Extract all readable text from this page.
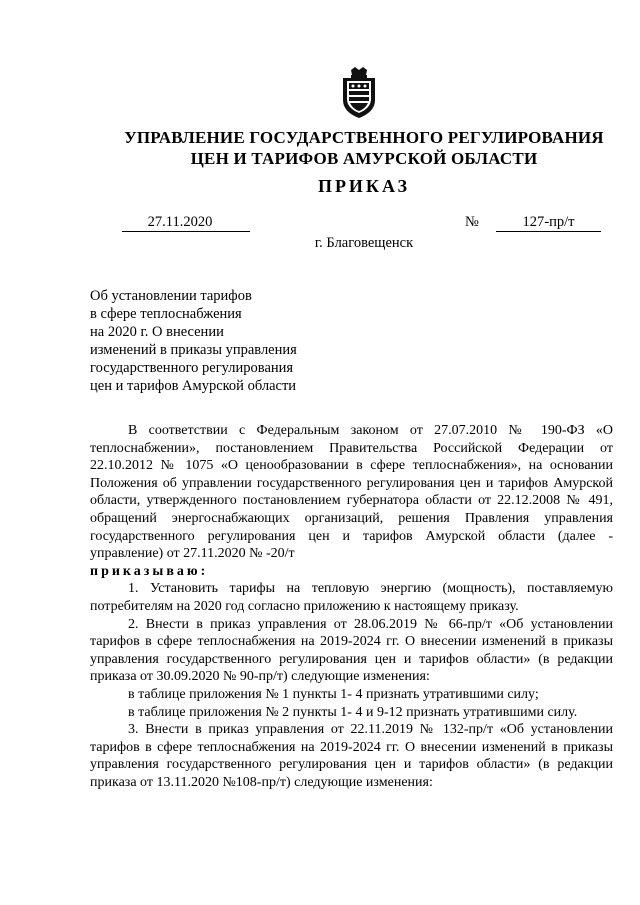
УПРАВЛЕНИЕ ГОСУДАРСТВЕННОГО РЕГУЛИРОВАНИЯ
ЦЕН И ТАРИФОВ АМУРСКОЙ ОБЛАСТИ
ПРИКАЗ
27.11.2020	№	127-пр/т
г. Благовещенск
Об установлении тарифов
в сфере теплоснабжения
на 2020 г. О внесении
изменений в приказы управления
государственного регулирования
цен и тарифов Амурской области

В соответствии с Федеральным законом от 27.07.2010 № 190-ФЗ «О теплоснабжении», постановлением Правительства Российской Федерации от 22.10.2012 № 1075 «О ценообразовании в сфере теплоснабжения», на основании Положения об управлении государственного регулирования цен и тарифов Амурской области, утвержденного постановлением губернатора области от 22.12.2008 № 491, обращений энергоснабжающих организаций, решения Правления управления государственного регулирования цен и тарифов Амурской области (далее - управление) от 27.11.2020 № -20/т

приказываю:

1. Установить тарифы на тепловую энергию (мощность), поставляемую потребителям на 2020 год согласно приложению к настоящему приказу.

2. Внести в приказ управления от 28.06.2019 № 66-пр/т «Об установлении тарифов в сфере теплоснабжения на 2019-2024 гг. О внесении изменений в приказы управления государственного регулирования цен и тарифов области» (в редакции приказа от 30.09.2020 № 90-пр/т) следующие изменения:

в таблице приложения № 1 пункты 1- 4 признать утратившими силу;

в таблице приложения № 2 пункты 1- 4 и 9-12 признать утратившими силу.

3. Внести в приказ управления от 22.11.2019 № 132-пр/т «Об установлении тарифов в сфере теплоснабжения на 2019-2024 гг. О внесении изменений в приказы управления государственного регулирования цен и тарифов области» (в редакции приказа от 13.11.2020 №108-пр/т) следующие изменения:
